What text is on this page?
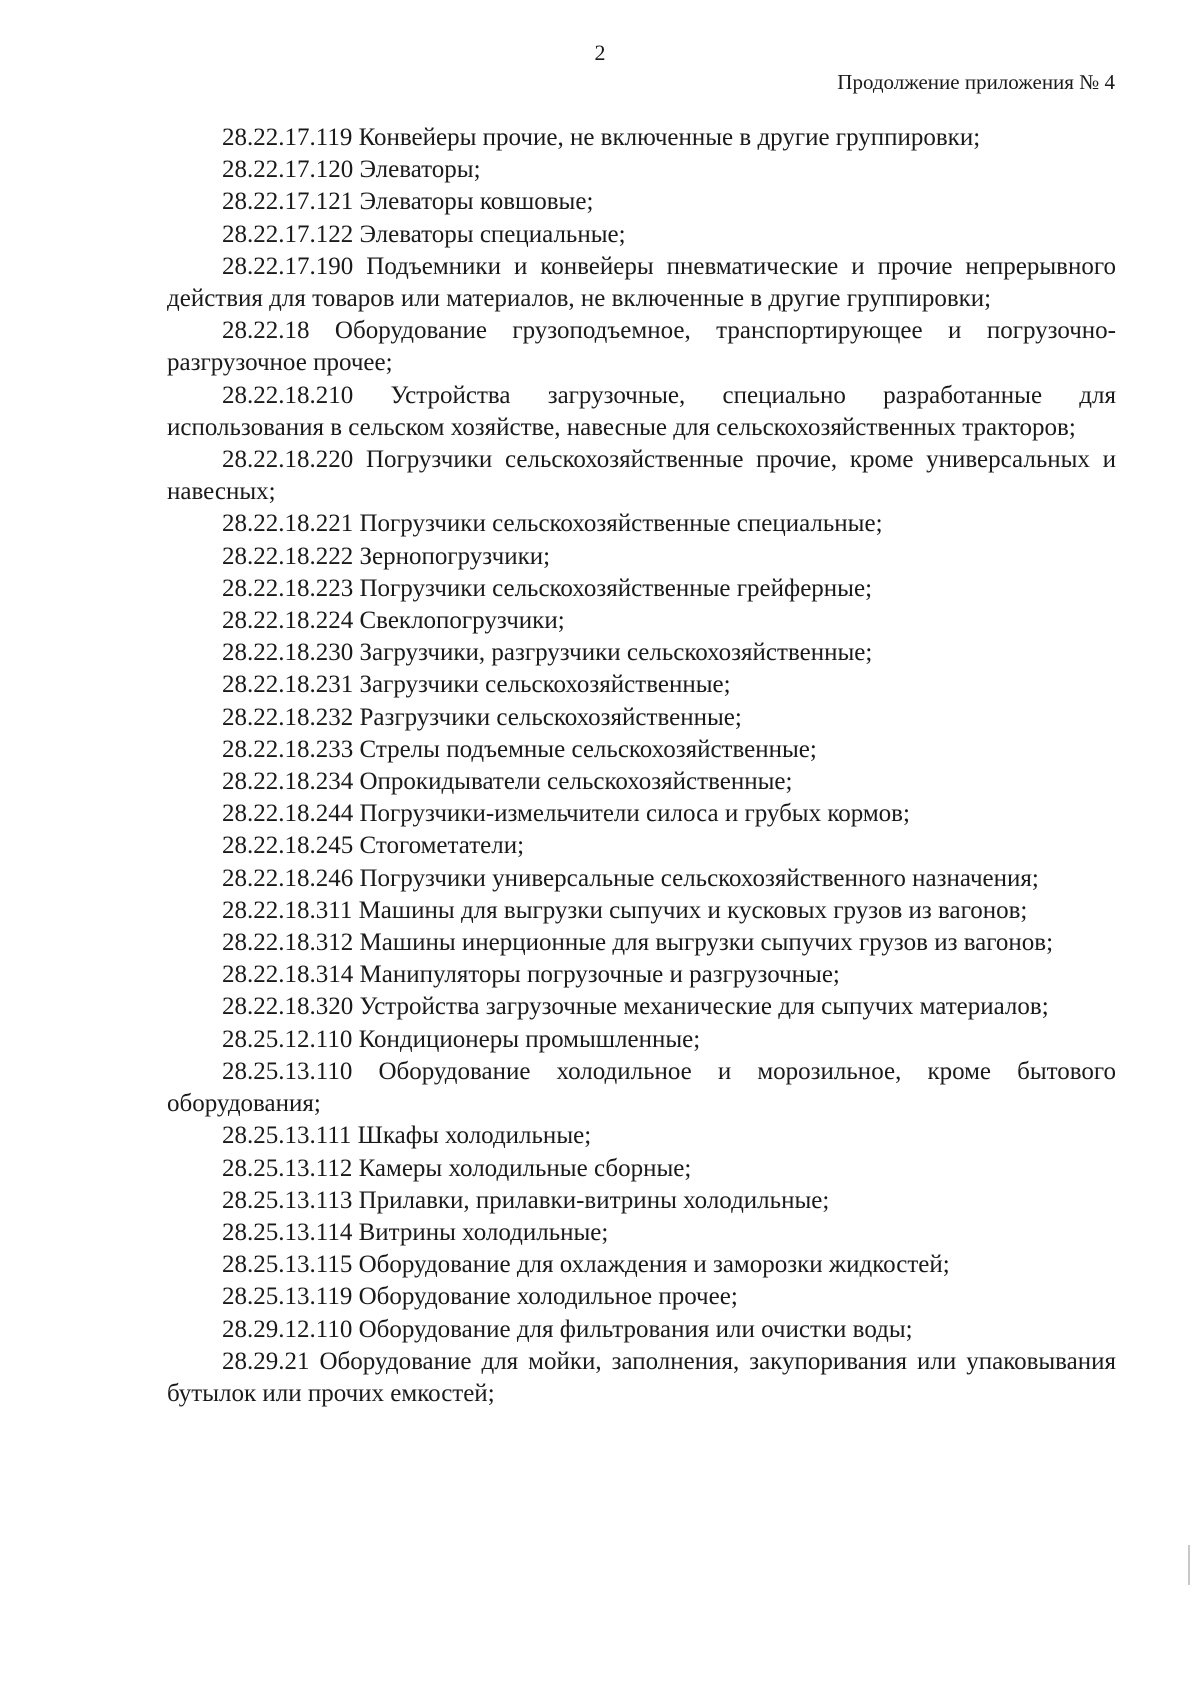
2
Продолжение приложения № 4

28.22.17.119 Конвейеры прочие, не включенные в другие группировки;

28.22.17.120 Элеваторы;

28.22.17.121 Элеваторы ковшовые;

28.22.17.122 Элеваторы специальные;

28.22.17.190 Подъемники и конвейеры пневматические и прочие непрерывного действия для товаров или материалов, не включенные в другие группировки;

28.22.18 Оборудование грузоподъемное, транспортирующее и погрузочно-разгрузочное прочее;

28.22.18.210 Устройства загрузочные, специально разработанные для использования в сельском хозяйстве, навесные для сельскохозяйственных тракторов;

28.22.18.220 Погрузчики сельскохозяйственные прочие, кроме универсальных и навесных;

28.22.18.221 Погрузчики сельскохозяйственные специальные;

28.22.18.222 Зернопогрузчики;

28.22.18.223 Погрузчики сельскохозяйственные грейферные;

28.22.18.224 Свеклопогрузчики;

28.22.18.230 Загрузчики, разгрузчики сельскохозяйственные;

28.22.18.231 Загрузчики сельскохозяйственные;

28.22.18.232 Разгрузчики сельскохозяйственные;

28.22.18.233 Стрелы подъемные сельскохозяйственные;

28.22.18.234 Опрокидыватели сельскохозяйственные;

28.22.18.244 Погрузчики-измельчители силоса и грубых кормов;

28.22.18.245 Стогометатели;

28.22.18.246 Погрузчики универсальные сельскохозяйственного назначения;

28.22.18.311 Машины для выгрузки сыпучих и кусковых грузов из вагонов;

28.22.18.312 Машины инерционные для выгрузки сыпучих грузов из вагонов;

28.22.18.314 Манипуляторы погрузочные и разгрузочные;

28.22.18.320 Устройства загрузочные механические для сыпучих материалов;

28.25.12.110 Кондиционеры промышленные;

28.25.13.110 Оборудование холодильное и морозильное, кроме бытового оборудования;

28.25.13.111 Шкафы холодильные;

28.25.13.112 Камеры холодильные сборные;

28.25.13.113 Прилавки, прилавки-витрины холодильные;

28.25.13.114 Витрины холодильные;

28.25.13.115 Оборудование для охлаждения и заморозки жидкостей;

28.25.13.119 Оборудование холодильное прочее;

28.29.12.110 Оборудование для фильтрования или очистки воды;

28.29.21 Оборудование для мойки, заполнения, закупоривания или упаковывания бутылок или прочих емкостей;
